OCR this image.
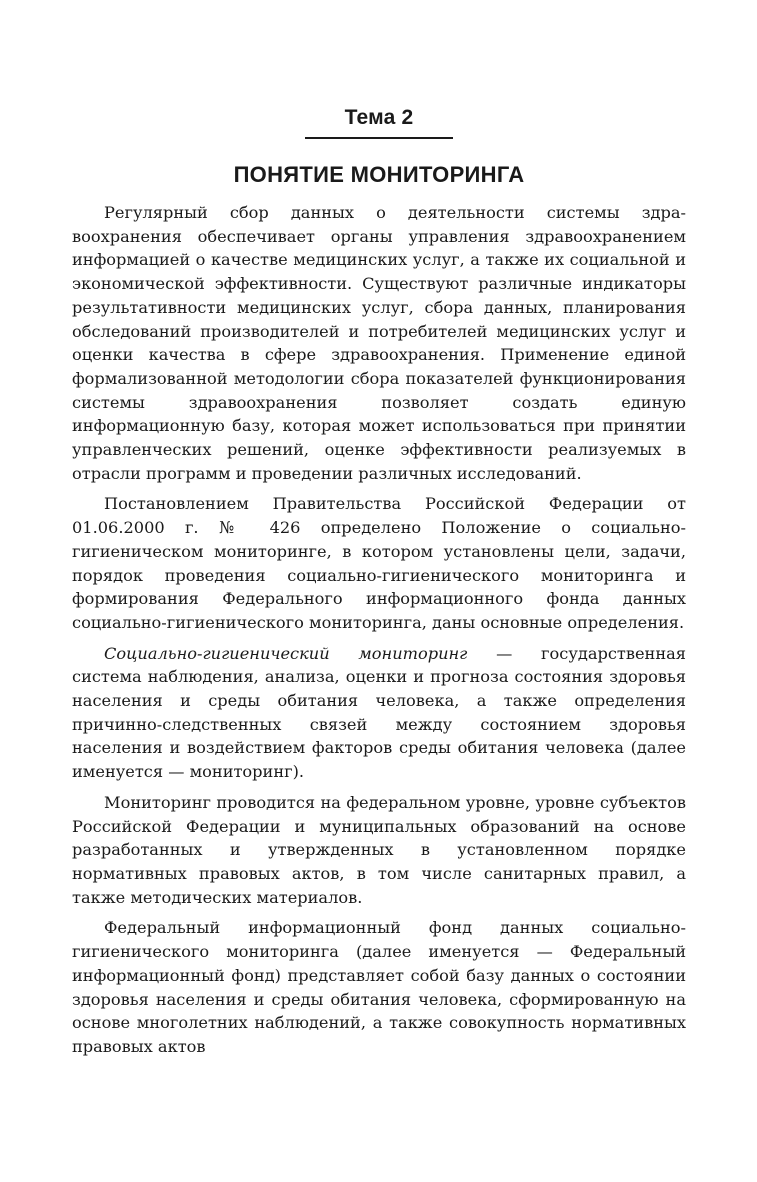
Тема 2
ПОНЯТИЕ МОНИТОРИНГА

Регулярный сбор данных о деятельности системы здравоохранения обеспечивает органы управления здравоохранением информацией о качестве медицинских услуг, а также их социальной и экономической эффективности. Существуют различные индикаторы результативности медицинских услуг, сбора данных, планирования обследований производителей и потребителей медицинских услуг и оценки качества в сфере здравоохранения. Применение единой формализованной методологии сбора показателей функционирования системы здравоохранения позволяет создать единую информационную базу, которая может использоваться при принятии управленческих решений, оценке эффективности реализуемых в отрасли программ и проведении различных исследований.

Постановлением Правительства Российской Федерации от 01.06.2000 г. № 426 определено Положение о социально-гигиеническом мониторинге, в котором установлены цели, задачи, порядок проведения социально-гигиенического мониторинга и формирования Федерального информационного фонда данных социально-гигиенического мониторинга, даны основные определения.

Социально-гигиенический мониторинг — государственная система наблюдения, анализа, оценки и прогноза состояния здоровья населения и среды обитания человека, а также определения причинно-следственных связей между состоянием здоровья населения и воздействием факторов среды обитания человека (далее именуется — мониторинг).

Мониторинг проводится на федеральном уровне, уровне субъектов Российской Федерации и муниципальных образований на основе разработанных и утвержденных в установленном порядке нормативных правовых актов, в том числе санитарных правил, а также методических материалов.

Федеральный информационный фонд данных социально-гигиенического мониторинга (далее именуется — Федеральный информационный фонд) представляет собой базу данных о состоянии здоровья населения и среды обитания человека, сформированную на основе многолетних наблюдений, а также совокупность нормативных правовых актов
